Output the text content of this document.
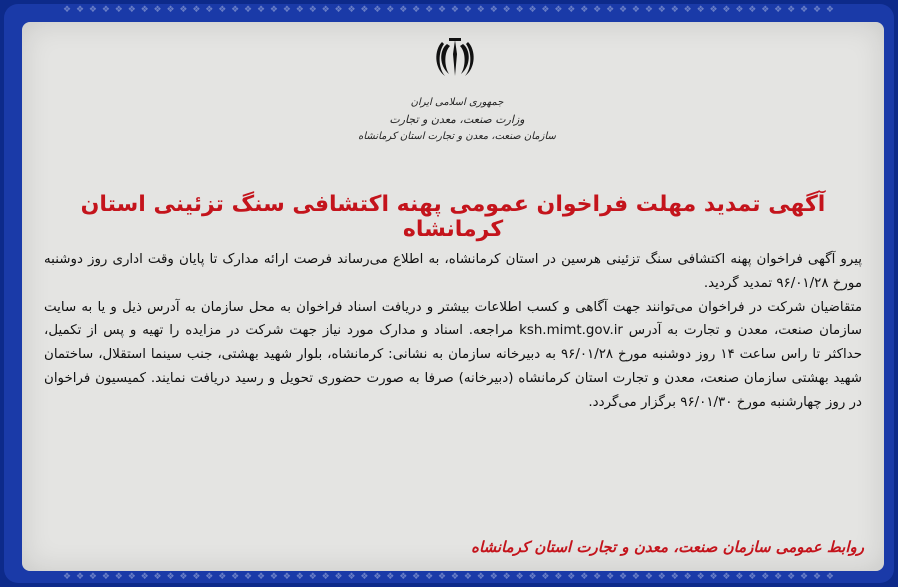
❖ ❖ ❖ ❖ ❖ ❖ ❖ ❖ ❖ ❖ ❖ ❖ ❖ ❖ ❖ ❖ ❖ ❖ ❖ ❖ ❖ ❖ ❖ ❖ ❖ ❖ ❖ ❖ ❖ ❖ ❖ ❖ ❖ ❖ ❖ ❖ ❖ ❖ ❖ ❖ ❖ ❖ ❖ ❖ ❖ ❖ ❖ ❖ ❖ ❖ ❖ ❖ ❖ ❖ ❖ ❖ ❖ ❖ ❖ ❖
❖ ❖ ❖ ❖ ❖ ❖ ❖ ❖ ❖ ❖ ❖ ❖ ❖ ❖ ❖ ❖ ❖ ❖ ❖ ❖ ❖ ❖ ❖ ❖ ❖ ❖ ❖ ❖ ❖ ❖ ❖ ❖ ❖ ❖ ❖ ❖ ❖ ❖ ❖ ❖ ❖ ❖ ❖ ❖ ❖ ❖ ❖ ❖ ❖ ❖ ❖ ❖ ❖ ❖ ❖ ❖ ❖ ❖ ❖ ❖
جمهوری اسلامی ایران
وزارت صنعت، معدن و تجارت
سازمان صنعت، معدن و تجارت استان کرمانشاه
آگهی تمدید مهلت فراخوان عمومی پهنه اکتشافی سنگ تزئینی استان کرمانشاه

پیرو آگهی فراخوان پهنه اکتشافی سنگ تزئینی هرسین در استان کرمانشاه، به اطلاع می‌رساند فرصت ارائه مدارک تا پایان وقت اداری روز دوشنبه مورخ ۹۶/۰۱/۲۸ تمدید گردید.

متقاضیان شرکت در فراخوان می‌توانند جهت آگاهی و کسب اطلاعات بیشتر و دریافت اسناد فراخوان به محل سازمان به آدرس ذیل و یا به سایت سازمان صنعت، معدن و تجارت به آدرس ksh.mimt.gov.ir مراجعه. اسناد و مدارک مورد نیاز جهت شرکت در مزایده را تهیه و پس از تکمیل، حداکثر تا راس ساعت ۱۴ روز دوشنبه مورخ ۹۶/۰۱/۲۸ به دبیرخانه سازمان به نشانی: کرمانشاه، بلوار شهید بهشتی، جنب سینما استقلال، ساختمان شهید بهشتی سازمان صنعت، معدن و تجارت استان کرمانشاه (دبیرخانه) صرفا به صورت حضوری تحویل و رسید دریافت نمایند. کمیسیون فراخوان در روز چهارشنبه مورخ ۹۶/۰۱/۳۰ برگزار می‌گردد.

روابط عمومی سازمان صنعت، معدن و تجارت استان کرمانشاه
